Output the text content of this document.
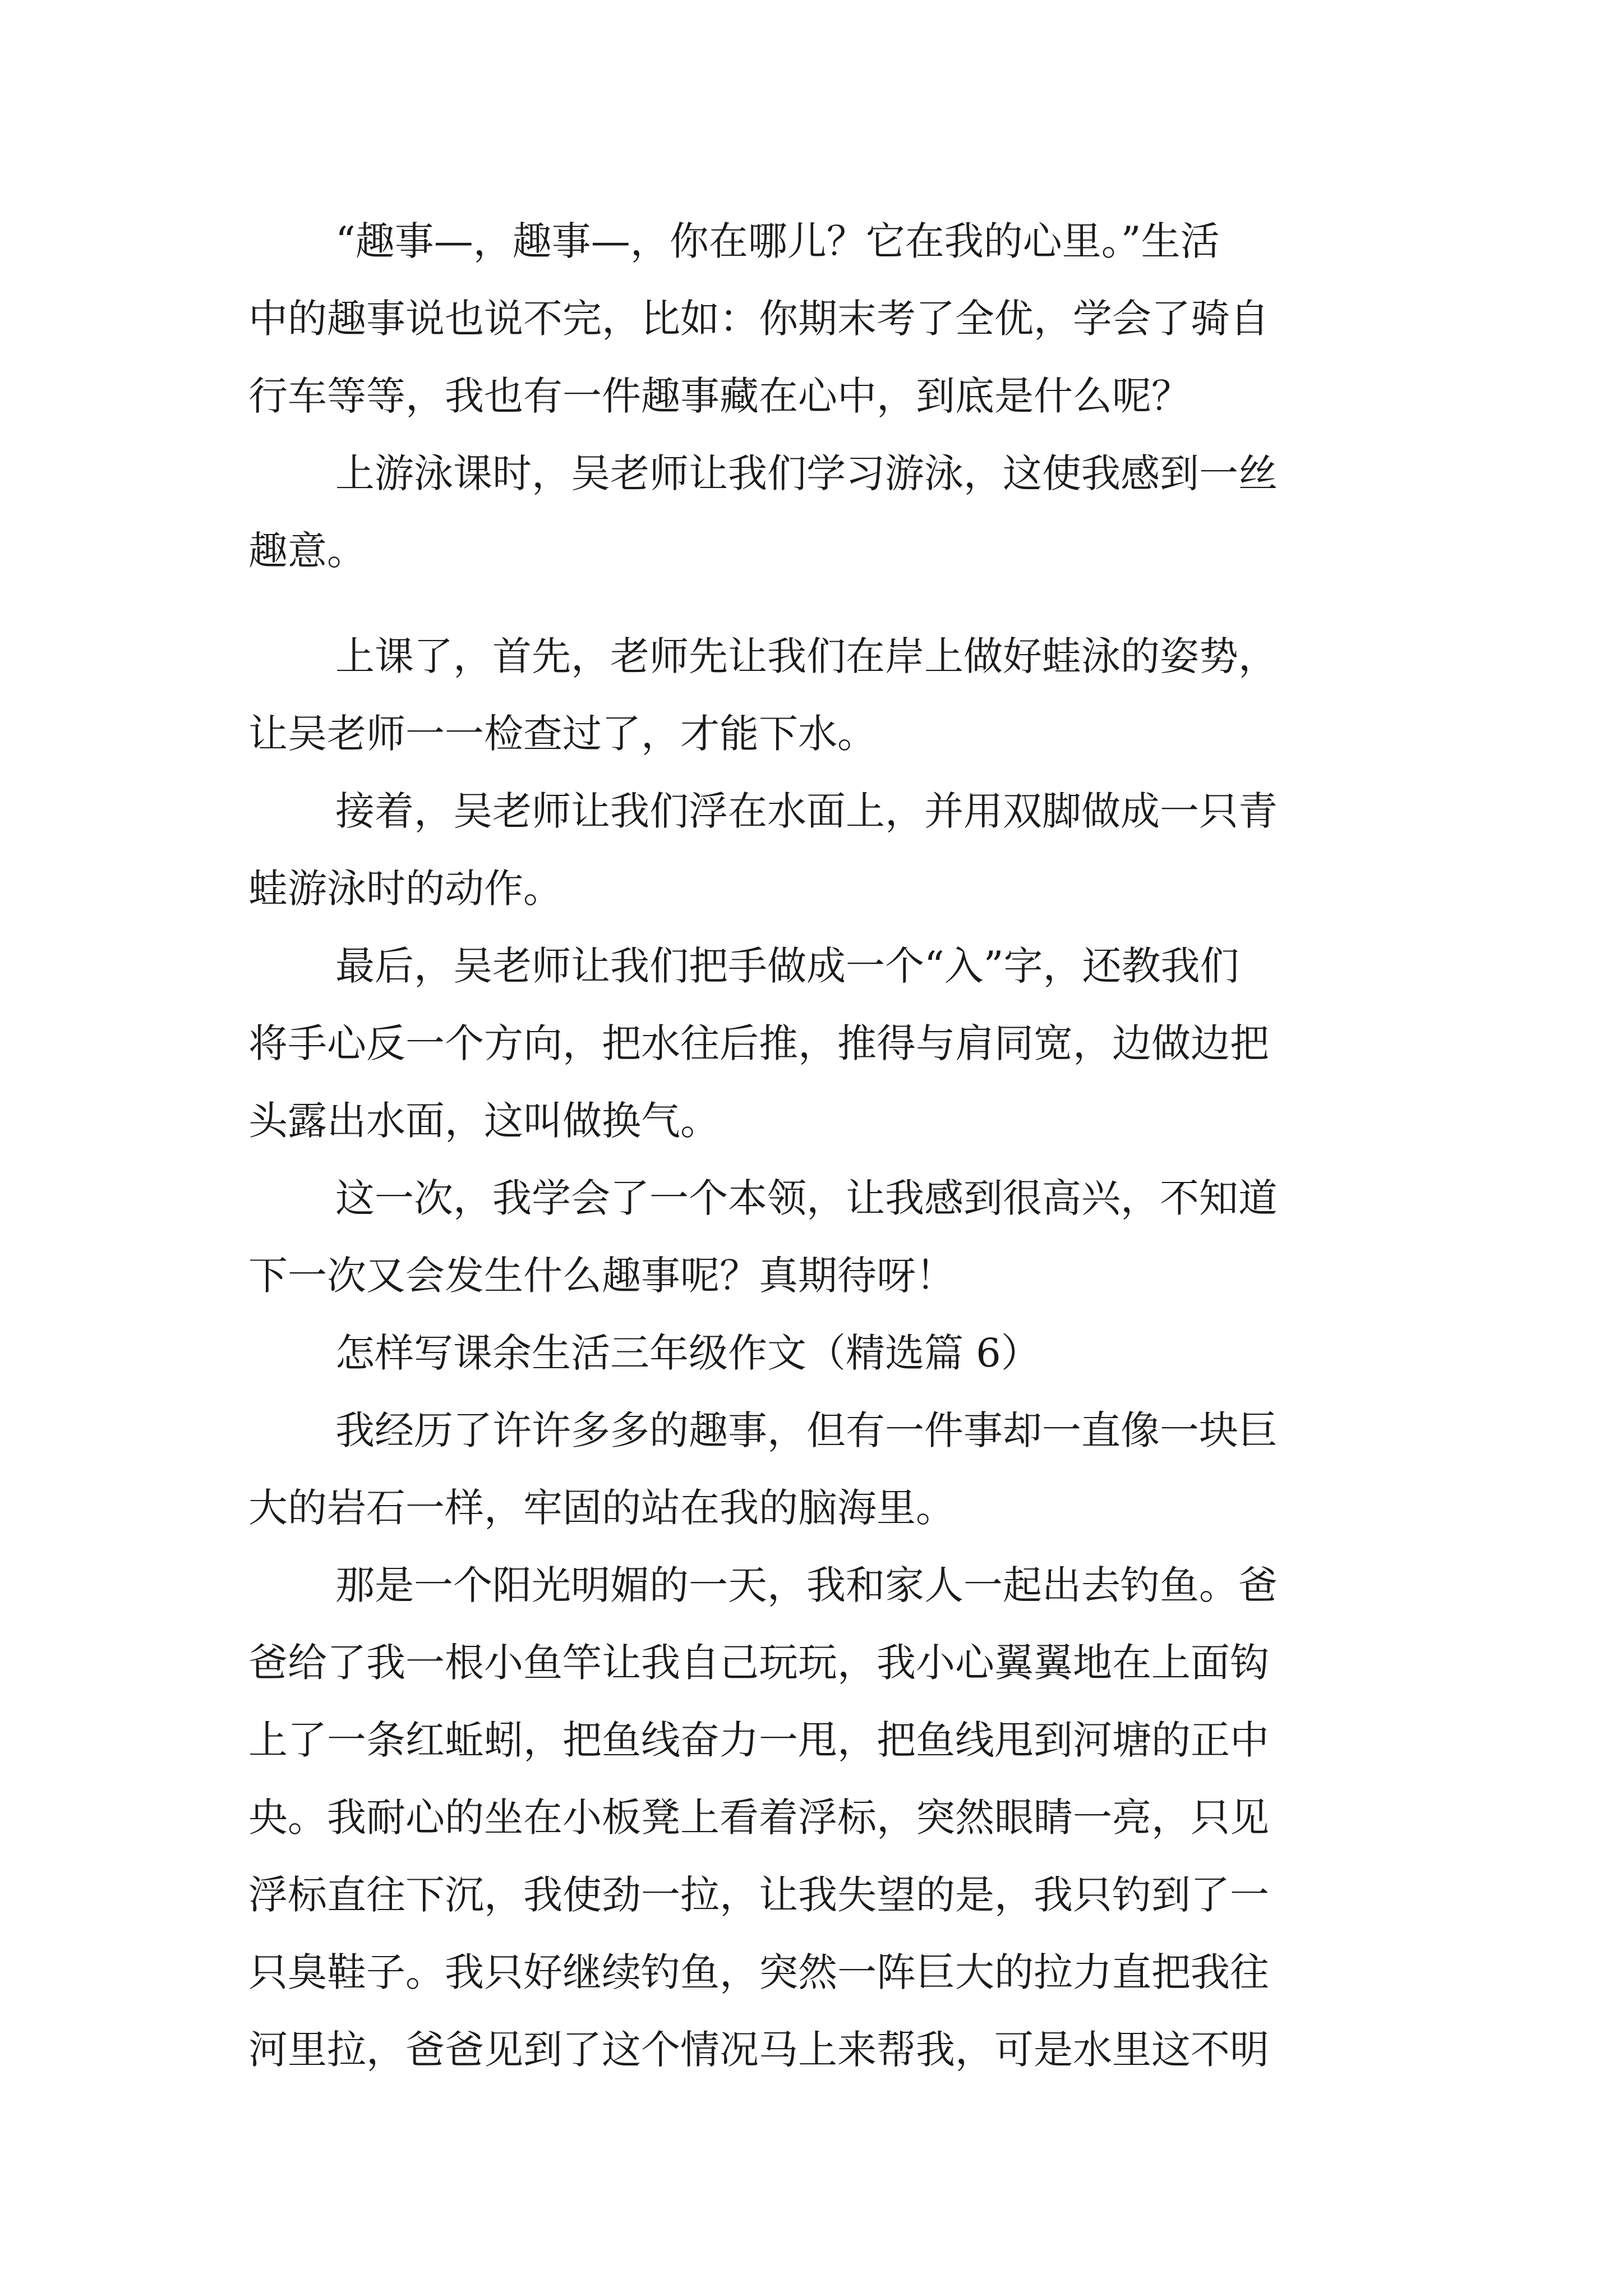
“趣事—，趣事—，你在哪儿？它在我的心里。”生活
中的趣事说也说不完，比如：你期末考了全优，学会了骑自
行车等等，我也有一件趣事藏在心中，到底是什么呢？
上游泳课时，吴老师让我们学习游泳，这使我感到一丝
趣意。
上课了，首先，老师先让我们在岸上做好蛙泳的姿势，
让吴老师一一检查过了，才能下水。
接着，吴老师让我们浮在水面上，并用双脚做成一只青
蛙游泳时的动作。
最后，吴老师让我们把手做成一个“入”字，还教我们
将手心反一个方向，把水往后推，推得与肩同宽，边做边把
头露出水面，这叫做换气。
这一次，我学会了一个本领，让我感到很高兴，不知道
下一次又会发生什么趣事呢？真期待呀！
怎样写课余生活三年级作文（精选篇 6）
我经历了许许多多的趣事，但有一件事却一直像一块巨
大的岩石一样，牢固的站在我的脑海里。
那是一个阳光明媚的一天，我和家人一起出去钓鱼。爸
爸给了我一根小鱼竿让我自己玩玩，我小心翼翼地在上面钩
上了一条红蚯蚓，把鱼线奋力一甩，把鱼线甩到河塘的正中
央。我耐心的坐在小板凳上看着浮标，突然眼睛一亮，只见
浮标直往下沉，我使劲一拉，让我失望的是，我只钓到了一
只臭鞋子。我只好继续钓鱼，突然一阵巨大的拉力直把我往
河里拉，爸爸见到了这个情况马上来帮我，可是水里这不明
